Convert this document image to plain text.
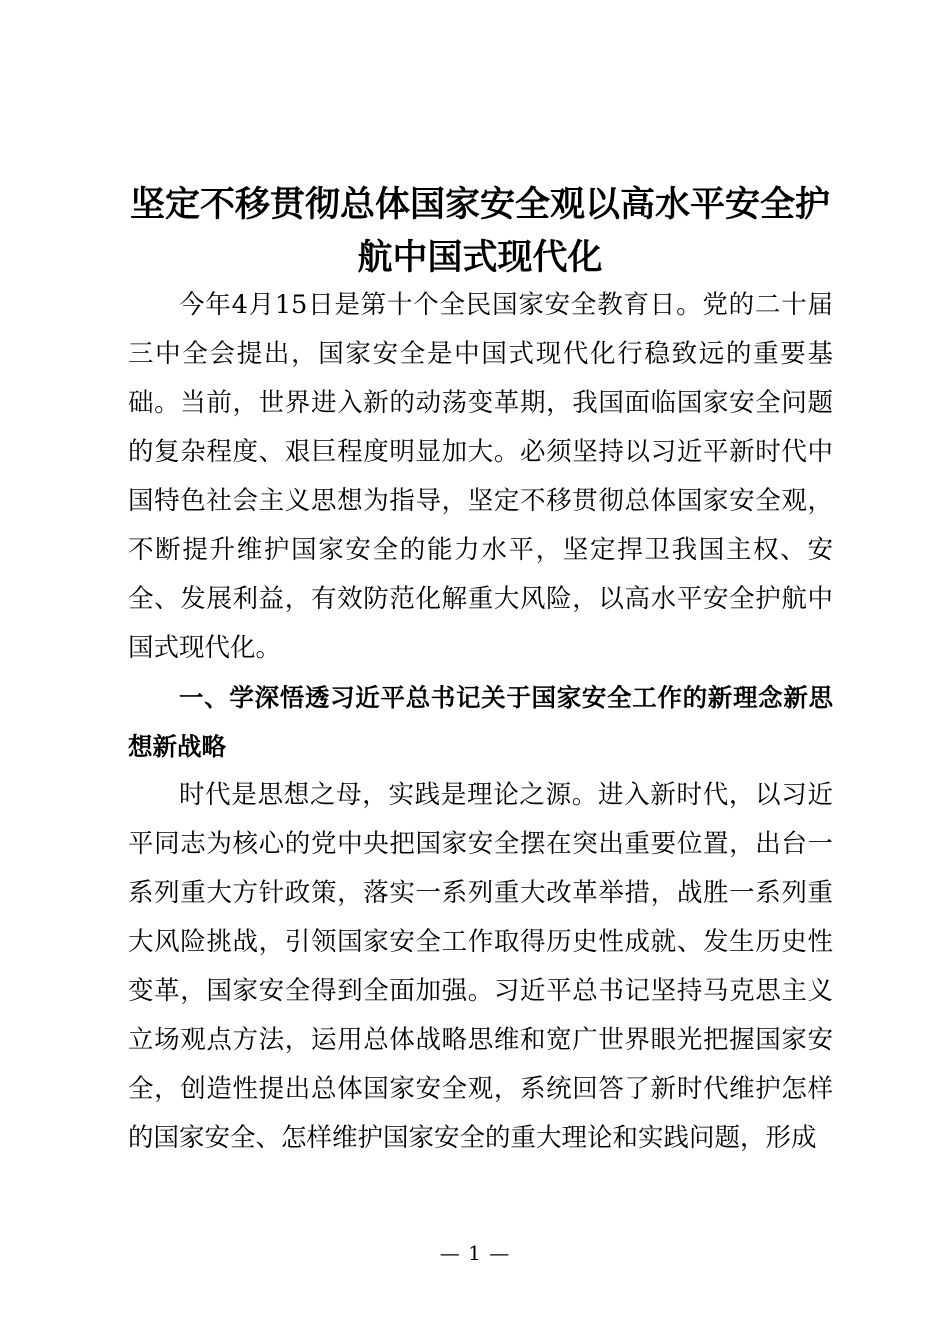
坚定不移贯彻总体国家安全观以高水平安全护
航中国式现代化

今年4月15日是第十个全民国家安全教育日。党的二十届三中全会提出，国家安全是中国式现代化行稳致远的重要基础。当前，世界进入新的动荡变革期，我国面临国家安全问题的复杂程度、艰巨程度明显加大。必须坚持以习近平新时代中国特色社会主义思想为指导，坚定不移贯彻总体国家安全观，不断提升维护国家安全的能力水平，坚定捍卫我国主权、安全、发展利益，有效防范化解重大风险，以高水平安全护航中国式现代化。

一、学深悟透习近平总书记关于国家安全工作的新理念新思想新战略

时代是思想之母，实践是理论之源。进入新时代，以习近平同志为核心的党中央把国家安全摆在突出重要位置，出台一系列重大方针政策，落实一系列重大改革举措，战胜一系列重大风险挑战，引领国家安全工作取得历史性成就、发生历史性变革，国家安全得到全面加强。习近平总书记坚持马克思主义立场观点方法，运用总体战略思维和宽广世界眼光把握国家安全，创造性提出总体国家安全观，系统回答了新时代维护怎样的国家安全、怎样维护国家安全的重大理论和实践问题，形成

— 1 —
